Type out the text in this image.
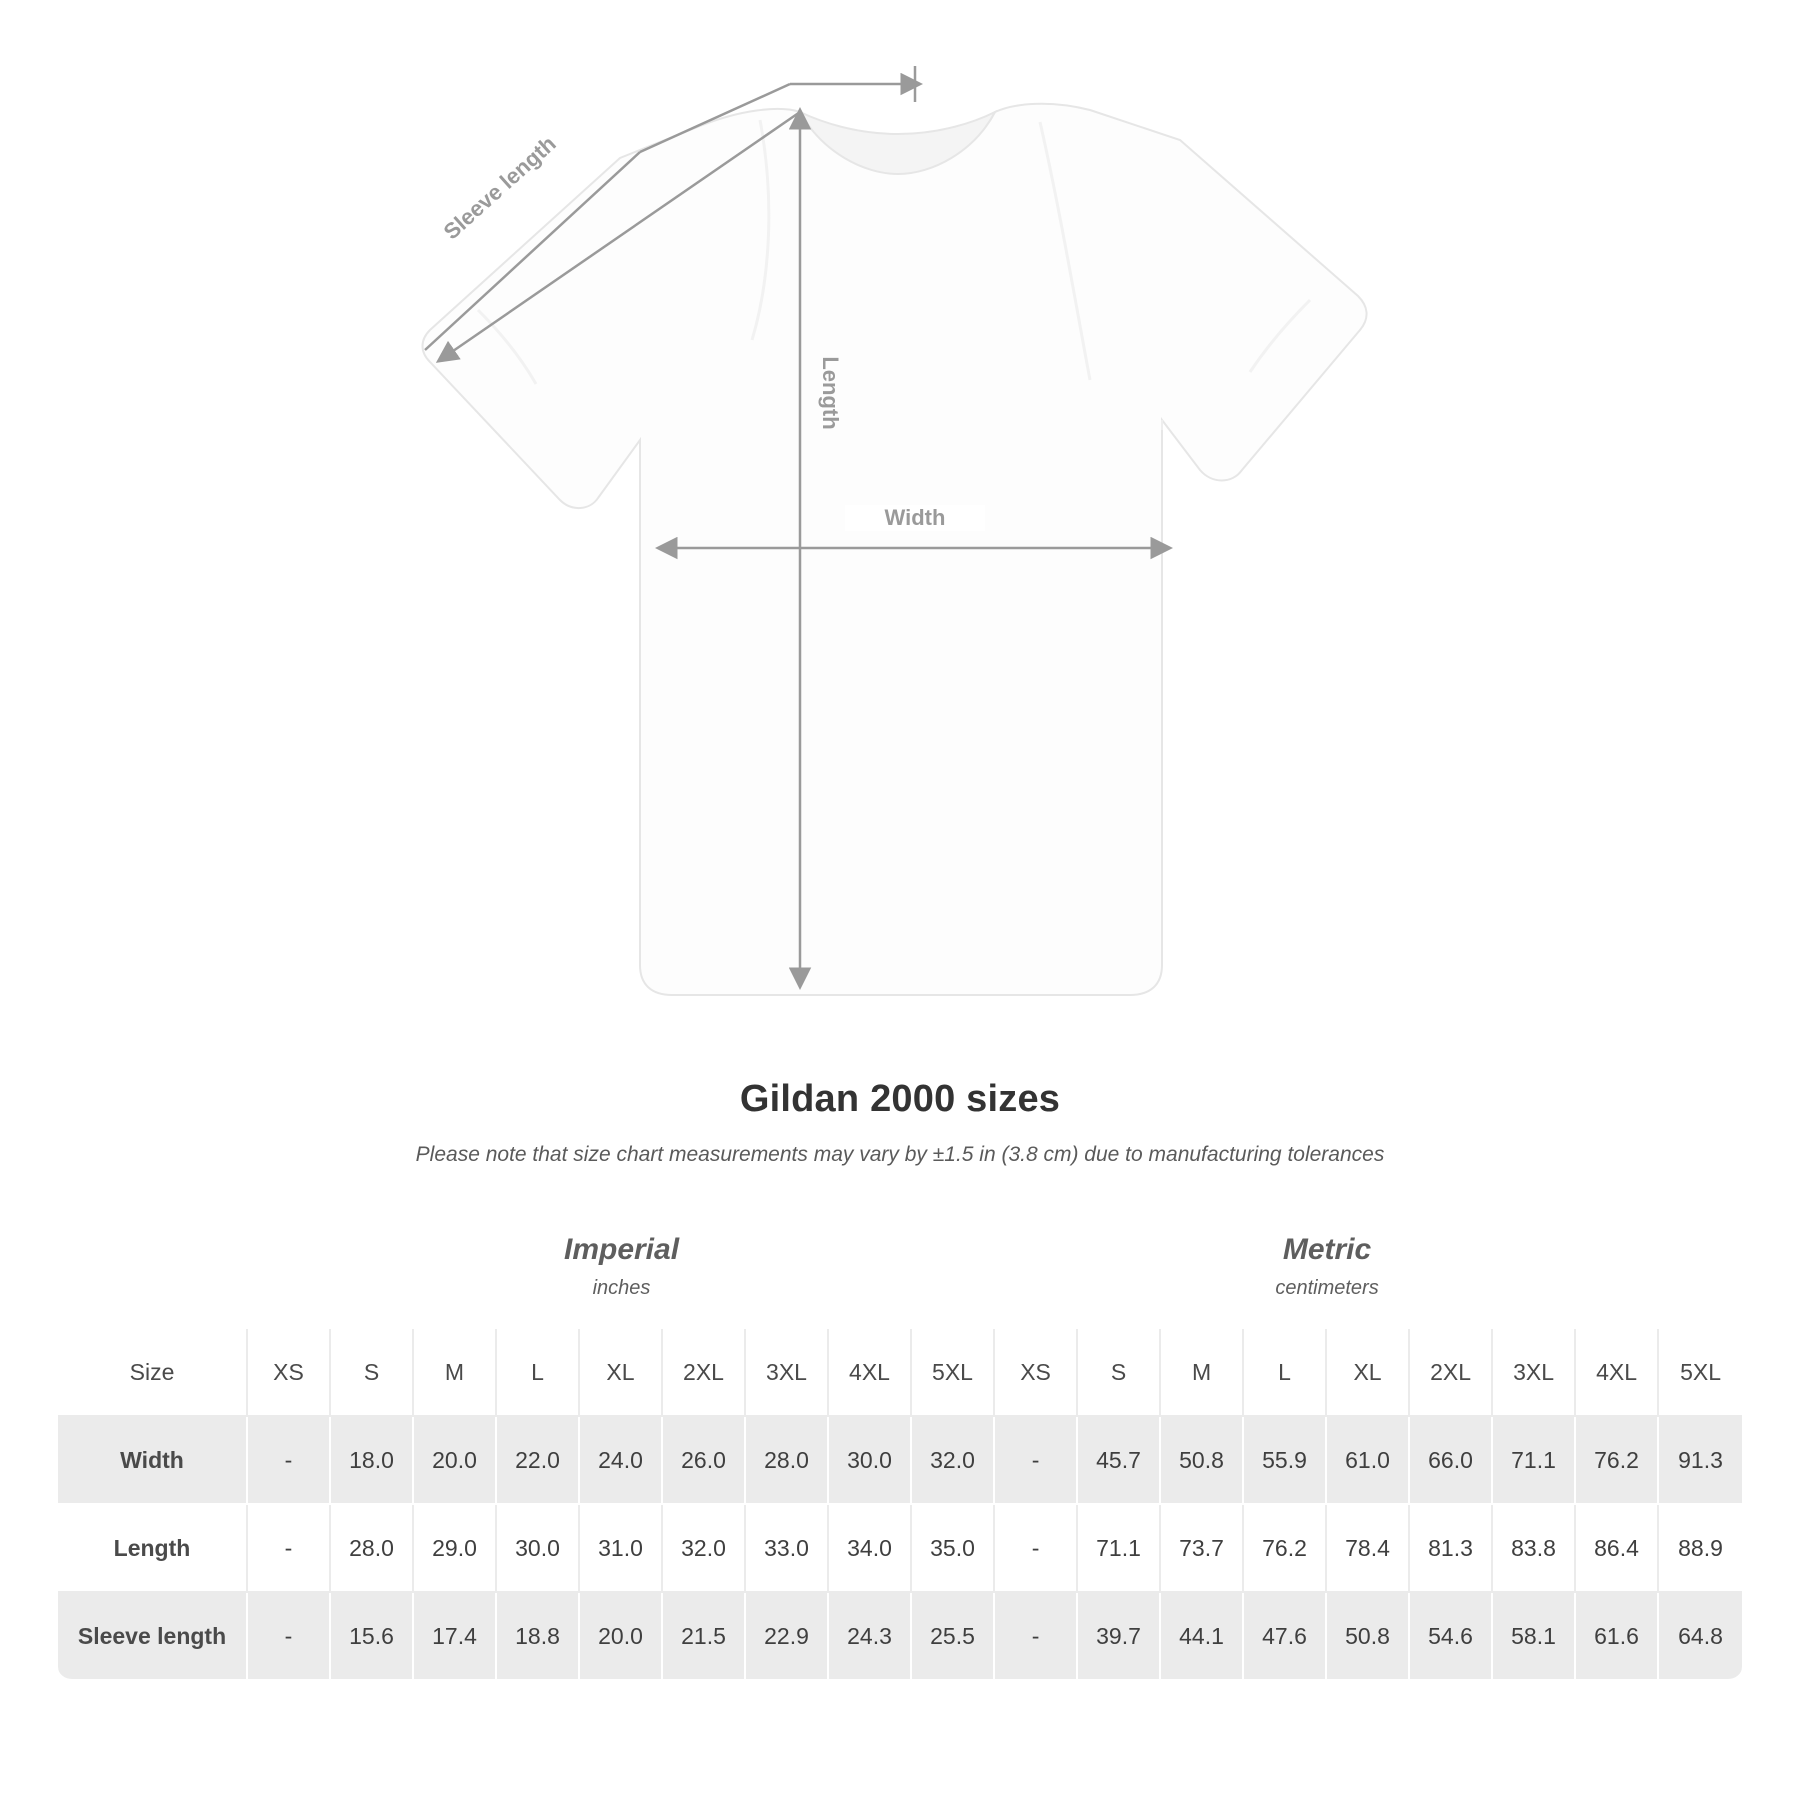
Sleeve length
Length
Width
Gildan 2000 sizes
Please note that size chart measurements may vary by ±1.5 in (3.8 cm) due to manufacturing tolerances

Imperial
inches

Metric
centimeters

Size	XS	S	M	L	XL	2XL	3XL	4XL	5XL	XS	S	M	L	XL	2XL	3XL	4XL	5XL
Width	-	18.0	20.0	22.0	24.0	26.0	28.0	30.0	32.0	-	45.7	50.8	55.9	61.0	66.0	71.1	76.2	91.3
Length	-	28.0	29.0	30.0	31.0	32.0	33.0	34.0	35.0	-	71.1	73.7	76.2	78.4	81.3	83.8	86.4	88.9
Sleeve length	-	15.6	17.4	18.8	20.0	21.5	22.9	24.3	25.5	-	39.7	44.1	47.6	50.8	54.6	58.1	61.6	64.8
